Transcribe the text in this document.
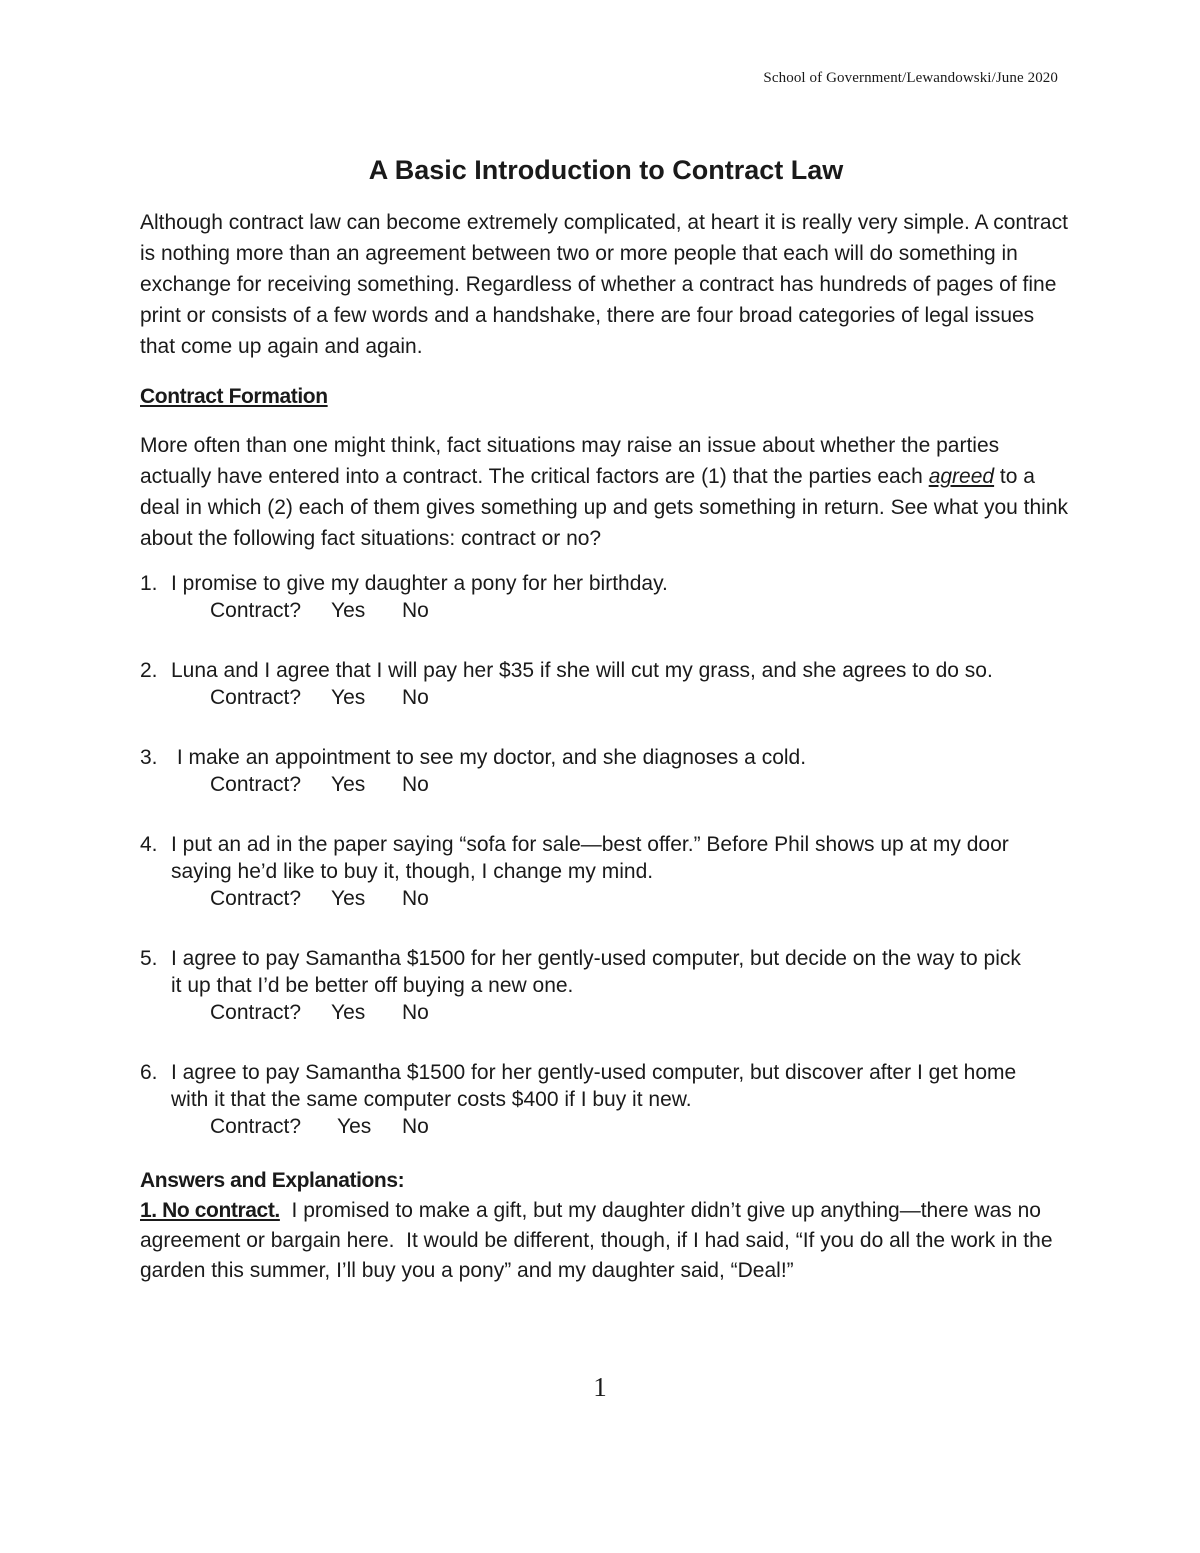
School of Government/Lewandowski/June 2020
A Basic Introduction to Contract Law

Although contract law can become extremely complicated, at heart it is really very simple. A contract is nothing more than an agreement between two or more people that each will do something in exchange for receiving something. Regardless of whether a contract has hundreds of pages of fine print or consists of a few words and a handshake, there are four broad categories of legal issues that come up again and again.

Contract Formation

More often than one might think, fact situations may raise an issue about whether the parties actually have entered into a contract. The critical factors are (1) that the parties each agreed to a deal in which (2) each of them gives something up and gets something in return. See what you think about the following fact situations: contract or no?

1. I promise to give my daughter a pony for her birthday.
Contract?	Yes	No
2. Luna and I agree that I will pay her $35 if she will cut my grass, and she agrees to do so.
Contract?	Yes	No
3. I make an appointment to see my doctor, and she diagnoses a cold.
Contract?	Yes	No
4. I put an ad in the paper saying “sofa for sale—best offer.” Before Phil shows up at my door saying he’d like to buy it, though, I change my mind.
Contract?	Yes	No
5. I agree to pay Samantha $1500 for her gently-used computer, but decide on the way to pick it up that I’d be better off buying a new one.
Contract?	Yes	No
6. I agree to pay Samantha $1500 for her gently-used computer, but discover after I get home with it that the same computer costs $400 if I buy it new.
Contract?	Yes	No

Answers and Explanations:

1. No contract.  I promised to make a gift, but my daughter didn’t give up anything—there was no agreement or bargain here.  It would be different, though, if I had said, “If you do all the work in the garden this summer, I’ll buy you a pony” and my daughter said, “Deal!”

1
